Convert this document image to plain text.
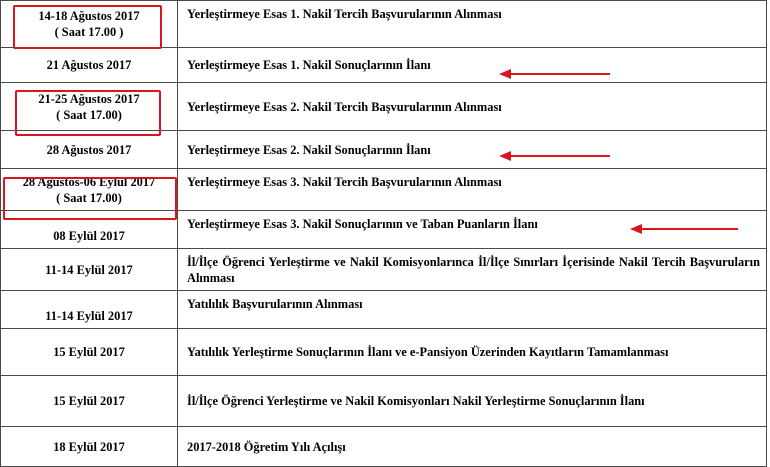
14-18 Ağustos 2017
( Saat 17.00 )	Yerleştirmeye Esas 1. Nakil Tercih Başvurularının Alınması

21 Ağustos 2017	Yerleştirmeye Esas 1. Nakil Sonuçlarının İlanı

21-25 Ağustos 2017
( Saat 17.00)	Yerleştirmeye Esas 2. Nakil Tercih Başvurularının Alınması

28 Ağustos 2017	Yerleştirmeye Esas 2. Nakil Sonuçlarının İlanı

28 Ağustos-06 Eylül 2017
( Saat 17.00)	Yerleştirmeye Esas 3. Nakil Tercih Başvurularının Alınması

08 Eylül 2017	Yerleştirmeye Esas 3. Nakil Sonuçlarının ve Taban Puanların İlanı

11-14 Eylül 2017	İl/İlçe Öğrenci Yerleştirme ve Nakil Komisyonlarınca İl/İlçe Sınırları İçerisinde Nakil Tercih Başvuruların Alınması

11-14 Eylül 2017	Yatılılık Başvurularının Alınması

15 Eylül 2017	Yatılılık Yerleştirme Sonuçlarının İlanı ve e-Pansiyon Üzerinden Kayıtların Tamamlanması

15 Eylül 2017	İl/İlçe Öğrenci Yerleştirme ve Nakil Komisyonları Nakil Yerleştirme Sonuçlarının İlanı

18 Eylül 2017	2017-2018 Öğretim Yılı Açılışı
